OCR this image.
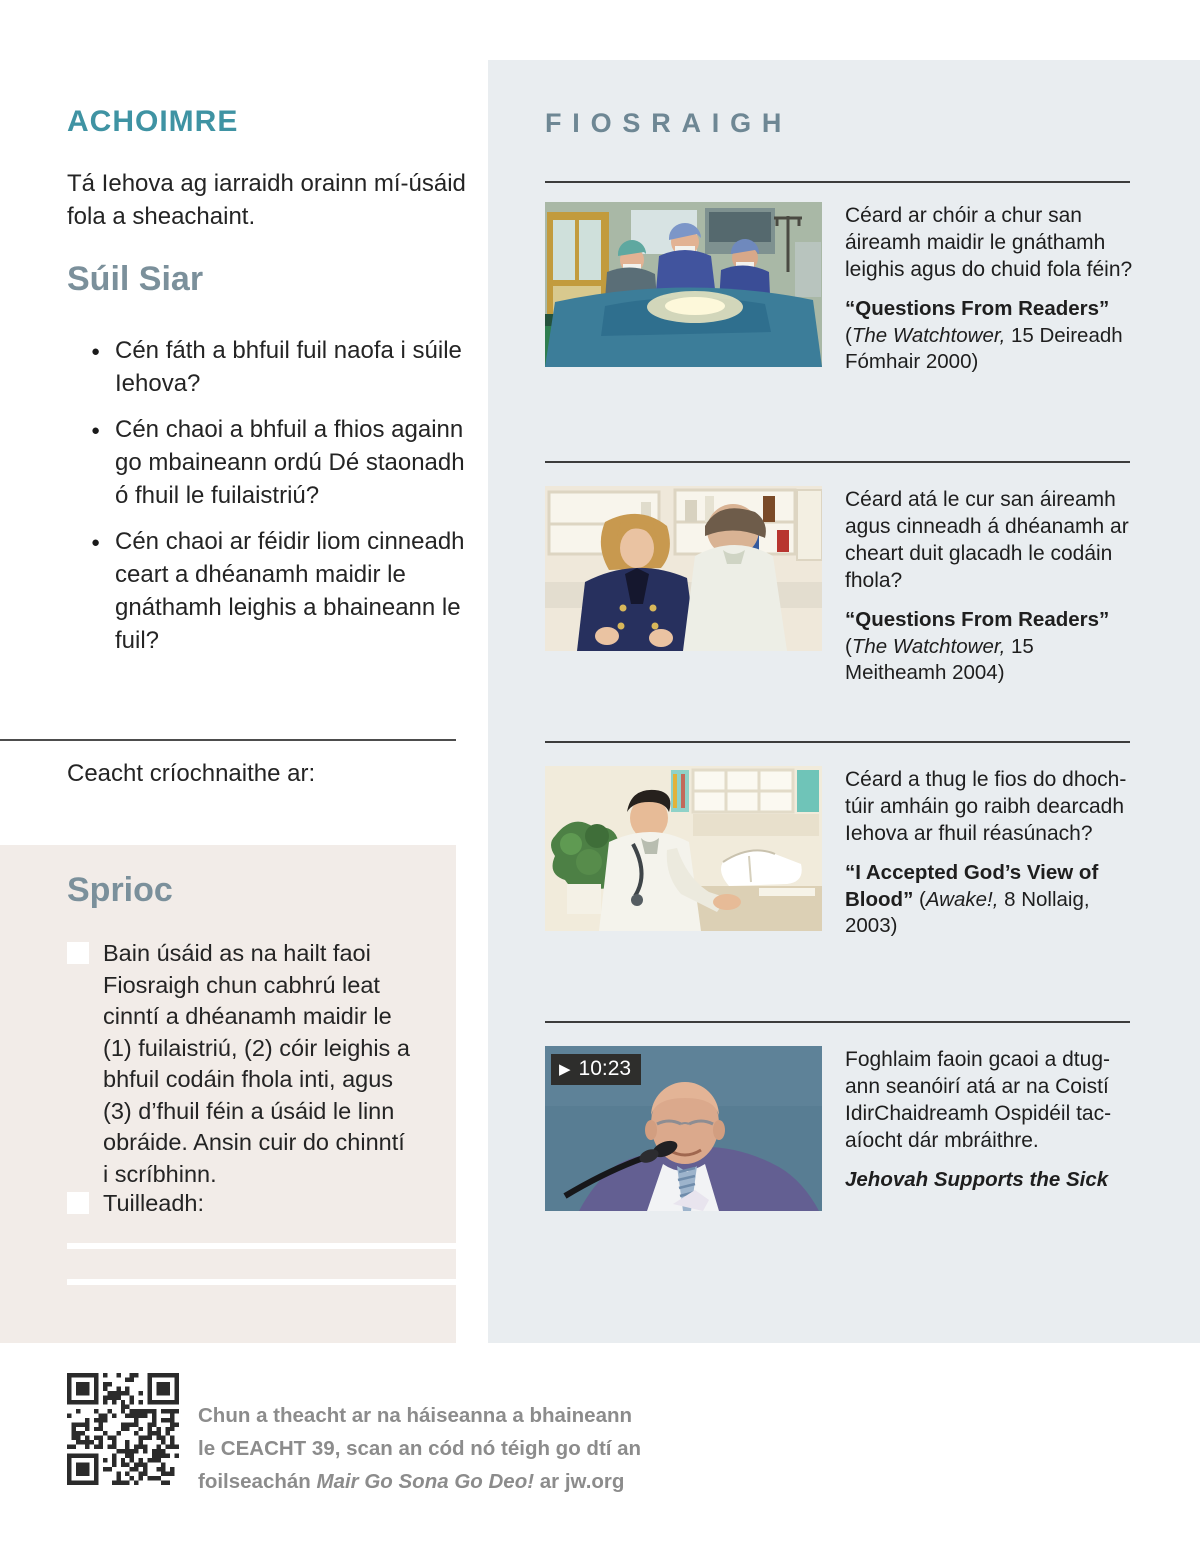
ACHOIMRE

Tá Iehova ag iarraidh orainn mí-úsáid fola a sheachaint.

Súil Siar
● Cén fáth a bhfuil fuil naofa i súile Iehova?
● Cén chaoi a bhfuil a fhios againn go mbaineann ordú Dé staonadh ó fhuil le fuilaistriú?
● Cén chaoi ar féidir liom cinneadh ceart a dhéanamh maidir le gnáthamh leighis a bhaineann le fuil?

Ceacht críochnaithe ar:

Sprioc
Bain úsáid as na hailt faoi Fiosraigh chun cabhrú leat cinntí a dhéanamh maidir le (1) fuilaistriú, (2) cóir leighis a bhfuil codáin fhola inti, agus (3) d’fhuil féin a úsáid le linn obráide. Ansin cuir do chinntí i scríbhinn.
Tuilleadh:
FIOSRAIGH

Céard ar chóir a chur san áireamh maidir le gnáthamh leighis agus do chuid fola féin?

“Questions From Readers”
(The Watchtower, 15 Deireadh Fómhair 2000)

Céard atá le cur san áireamh agus cinneadh á dhéanamh ar cheart duit glacadh le codáin fhola?

“Questions From Readers”
(The Watchtower, 15 Meitheamh 2004)

Céard a thug le fios do dhochtúir amháin go raibh dearcadh Iehova ar fhuil réasúnach?

“I Accepted God’s View of Blood” (Awake!, 8 Nollaig, 2003)

▶ 10:23	Foghlaim faoin gcaoi a dtugann seanóirí atá ar na Coistí IdirChaidreamh Ospidéil tacaíocht dár mbráithre.

Jehovah Supports the Sick

Chun a theacht ar na háiseanna a bhaineann le CEACHT 39, scan an cód nó téigh go dtí an foilseachán Mair Go Sona Go Deo! ar jw.org
